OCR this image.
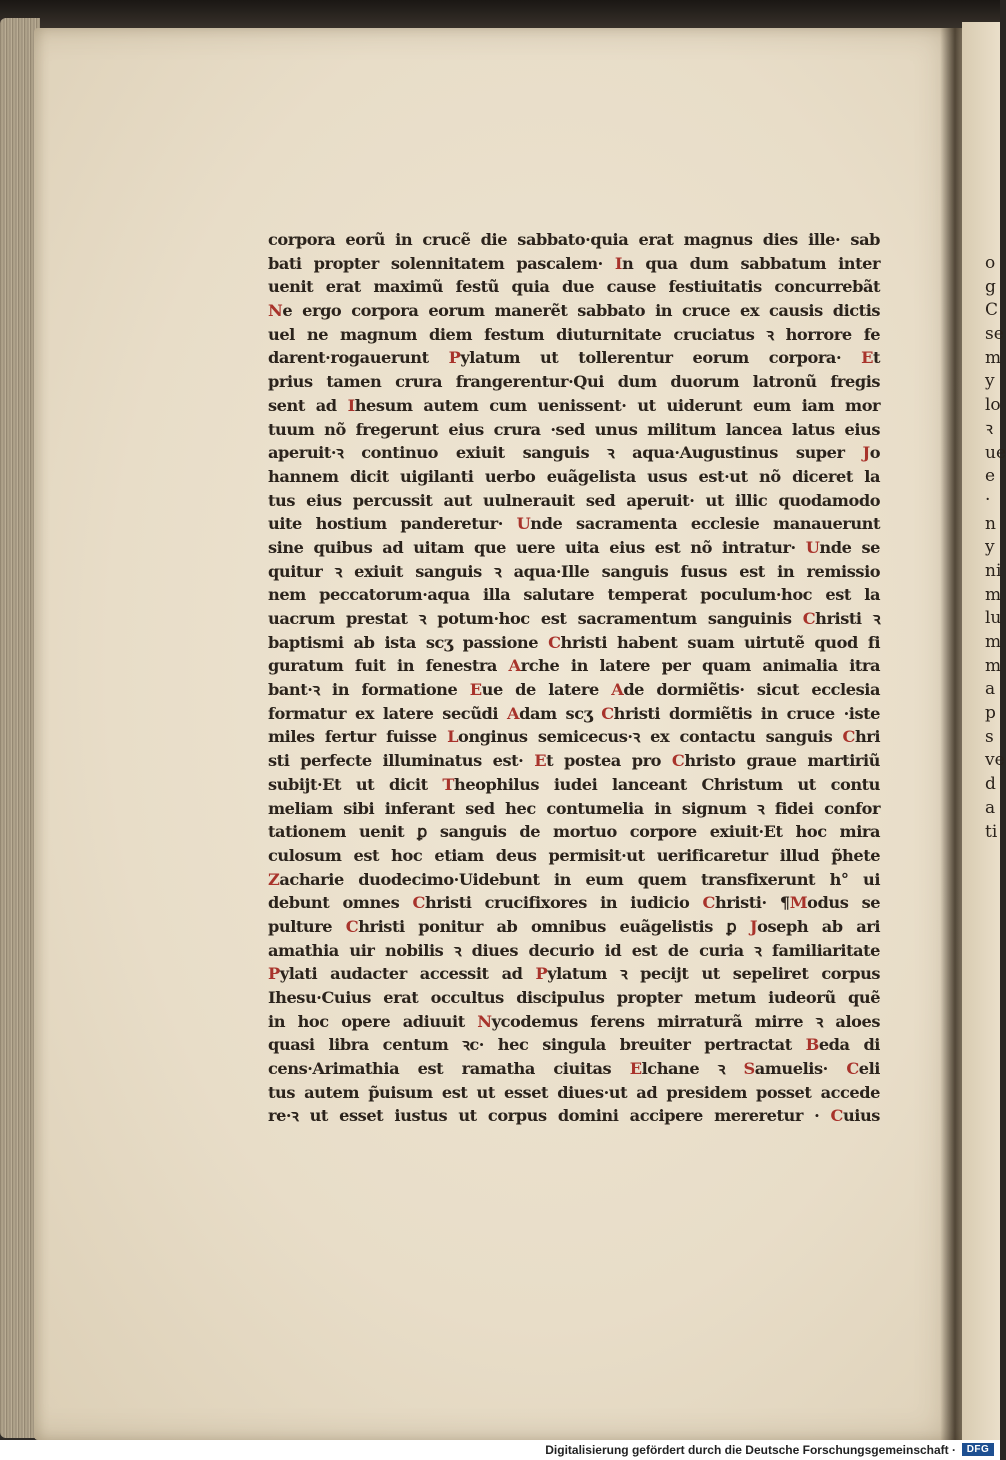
o
g
C
se
m
y
lo
ꝛ
ue
e
·
n
y
ni
m
lu
m
m
a
p
s
ve
d
a
ti
corpora eorũ in crucẽ die sabbato·quia erat magnus dies ille· sab
bati propter solennitatem pascalem· In qua dum sabbatum inter
uenit erat maximũ festũ quia due cause festiuitatis concurrebãt
Ne ergo corpora eorum manerẽt sabbato in cruce ex causis dictis
uel ne magnum diem festum diuturnitate cruciatus ꝛ horrore fe
darent·rogauerunt Pylatum ut tollerentur eorum corpora· Et
prius tamen crura frangerentur·Qui dum duorum latronũ fregis
sent ad Ihesum autem cum uenissent· ut uiderunt eum iam mor
tuum nõ fregerunt eius crura ·sed unus militum lancea latus eius
aperuit·ꝛ continuo exiuit sanguis ꝛ aqua·Augustinus super Jo
hannem dicit uigilanti uerbo euãgelista usus est·ut nõ diceret la
tus eius percussit aut uulnerauit sed aperuit· ut illic quodamodo
uite hostium panderetur· Unde sacramenta ecclesie manauerunt
sine quibus ad uitam que uere uita eius est nõ intratur· Unde se
quitur ꝛ exiuit sanguis ꝛ aqua·Ille sanguis fusus est in remissio
nem peccatorum·aqua illa salutare temperat poculum·hoc est la
uacrum prestat ꝛ potum·hoc est sacramentum sanguinis Christi ꝛ
baptismi ab ista scʒ passione Christi habent suam uirtutẽ quod fi
guratum fuit in fenestra Arche in latere per quam animalia itra
bant·ꝛ in formatione Eue de latere Ade dormiẽtis· sicut ecclesia
formatur ex latere secũdi Adam scʒ Christi dormiẽtis in cruce ·iste
miles fertur fuisse Longinus semicecus·ꝛ ex contactu sanguis Chri
sti perfecte illuminatus est· Et postea pro Christo graue martiriũ
subijt·Et ut dicit Theophilus iudei lanceant Christum ut contu
meliam sibi inferant sed hec contumelia in signum ꝛ fidei confor
tationem uenit ꝑ sanguis de mortuo corpore exiuit·Et hoc mira
culosum est hoc etiam deus permisit·ut uerificaretur illud p̃hete
Zacharie duodecimo·Uidebunt in eum quem transfixerunt h° ui
debunt omnes Christi crucifixores in iudicio Christi· ¶Modus se
pulture Christi ponitur ab omnibus euãgelistis ꝑ Joseph ab ari
amathia uir nobilis ꝛ diues decurio id est de curia ꝛ familiaritate
Pylati audacter accessit ad Pylatum ꝛ pecijt ut sepeliret corpus
Ihesu·Cuius erat occultus discipulus propter metum iudeorũ quẽ
in hoc opere adiuuit Nycodemus ferens mirraturã mirre ꝛ aloes
quasi libra centum ꝛc· hec singula breuiter pertractat Beda di
cens·Arimathia est ramatha ciuitas Elchane ꝛ Samuelis· Celi
tus autem p̃uisum est ut esset diues·ut ad presidem posset accede
re·ꝛ ut esset iustus ut corpus domini accipere mereretur · Cuius
Digitalisierung gefördert durch die Deutsche Forschungsgemeinschaft ·	DFG
